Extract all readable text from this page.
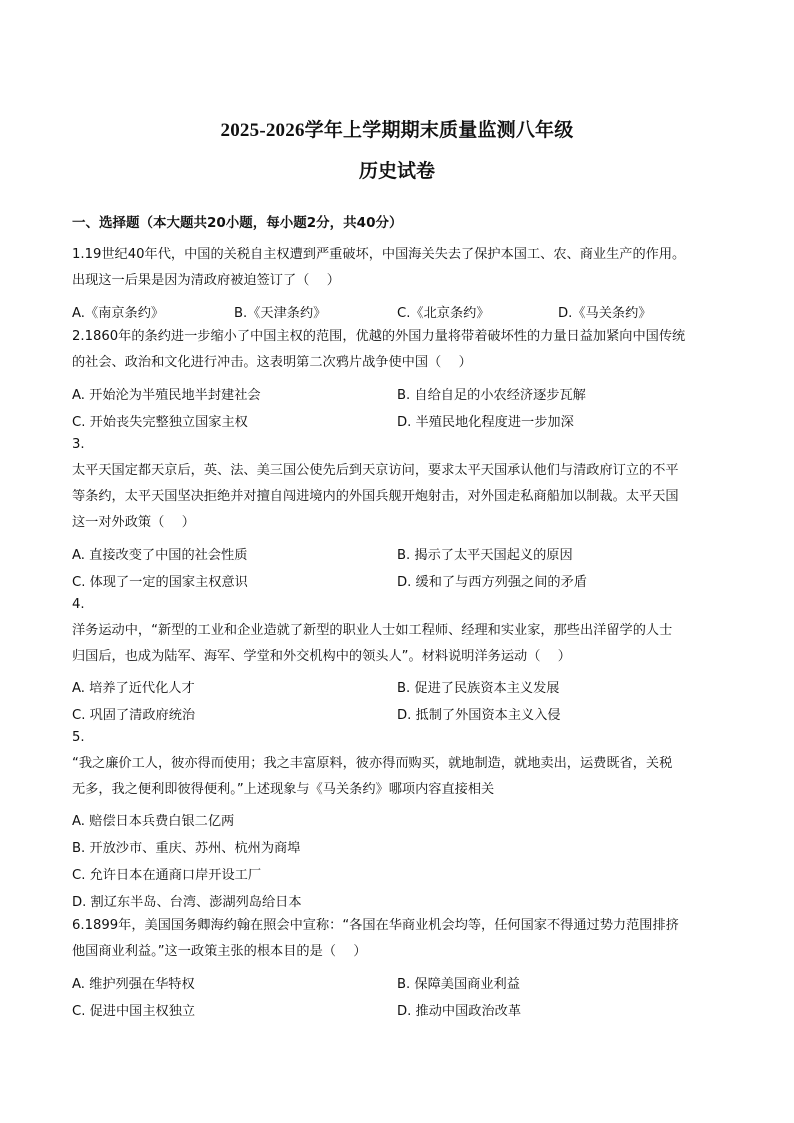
2025-2026学年上学期期末质量监测八年级
历史试卷
一、选择题（本大题共20小题，每小题2分，共40分）
1.19世纪40年代，中国的关税自主权遭到严重破坏，中国海关失去了保护本国工、农、商业生产的作用。
出现这一后果是因为清政府被迫签订了（　 ）
A.《南京条约》	B.《天津条约》	C.《北京条约》	D.《马关条约》
2.1860年的条约进一步缩小了中国主权的范围，优越的外国力量将带着破坏性的力量日益加紧向中国传统
的社会、政治和文化进行冲击。这表明第二次鸦片战争使中国（　 ）
A. 开始沦为半殖民地半封建社会	B. 自给自足的小农经济逐步瓦解
C. 开始丧失完整独立国家主权	D. 半殖民地化程度进一步加深
3.
太平天国定都天京后，英、法、美三国公使先后到天京访问，要求太平天国承认他们与清政府订立的不平
等条约，太平天国坚决拒绝并对擅自闯进境内的外国兵舰开炮射击，对外国走私商船加以制裁。太平天国
这一对外政策（　 ）
A. 直接改变了中国的社会性质	B. 揭示了太平天国起义的原因
C. 体现了一定的国家主权意识	D. 缓和了与西方列强之间的矛盾
4.
洋务运动中，“新型的工业和企业造就了新型的职业人士如工程师、经理和实业家，那些出洋留学的人士
归国后，也成为陆军、海军、学堂和外交机构中的领头人”。材料说明洋务运动（　 ）
A. 培养了近代化人才	B. 促进了民族资本主义发展
C. 巩固了清政府统治	D. 抵制了外国资本主义入侵
5.
“我之廉价工人，彼亦得而使用；我之丰富原料，彼亦得而购买，就地制造，就地卖出，运费既省，关税
无多，我之便利即彼得便利。”上述现象与《马关条约》哪项内容直接相关
A. 赔偿日本兵费白银二亿两
B. 开放沙市、重庆、苏州、杭州为商埠
C. 允许日本在通商口岸开设工厂
D. 割辽东半岛、台湾、澎湖列岛给日本
6.1899年，美国国务卿海约翰在照会中宣称：“各国在华商业机会均等，任何国家不得通过势力范围排挤
他国商业利益。”这一政策主张的根本目的是（　 ）
A. 维护列强在华特权	B. 保障美国商业利益
C. 促进中国主权独立	D. 推动中国政治改革
